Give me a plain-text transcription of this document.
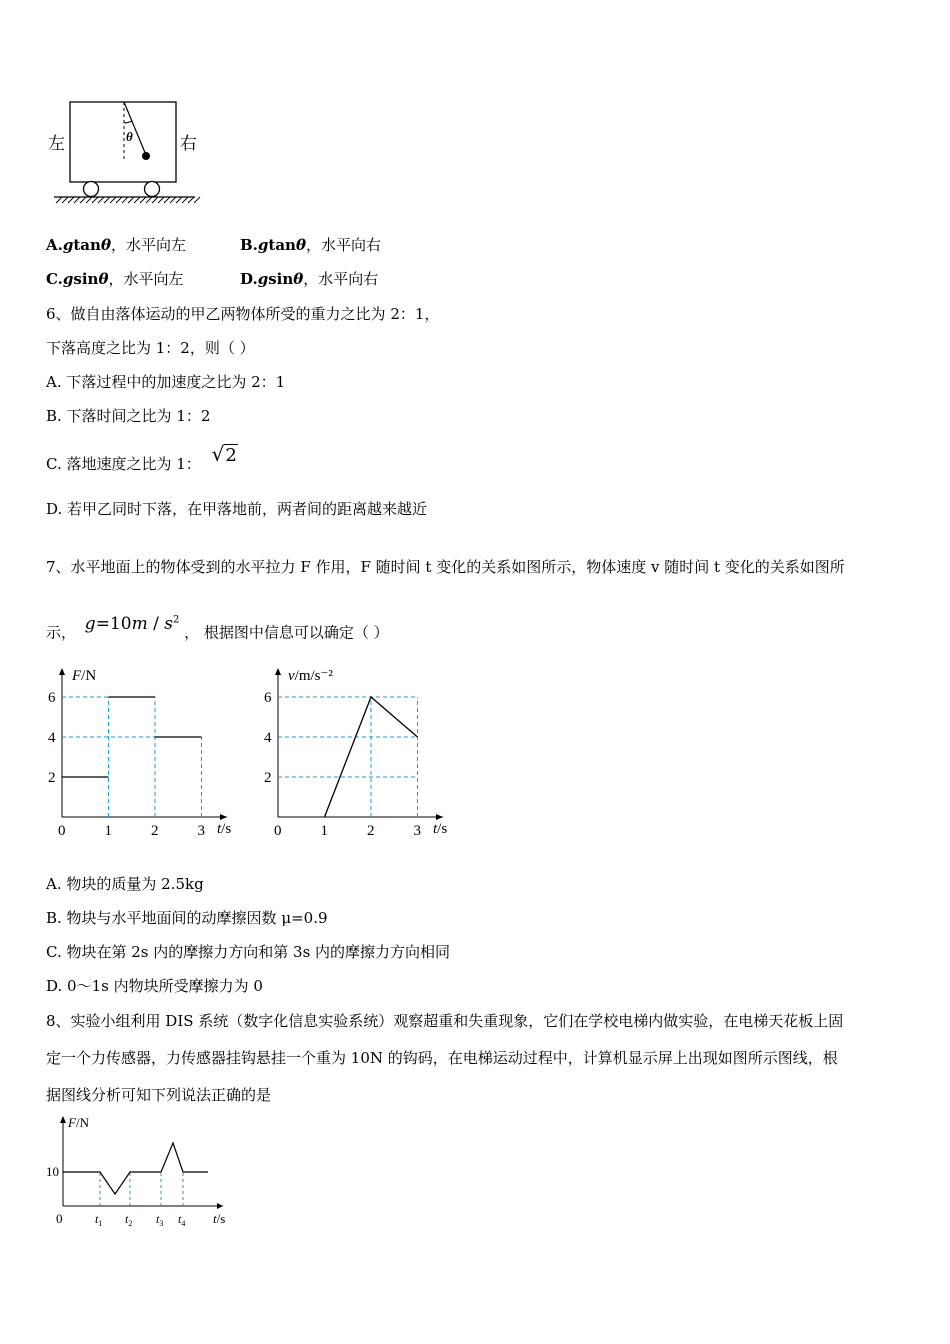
左	右
θ
A.gtanθ，水平向左	B.gtanθ，水平向右
C.gsinθ，水平向左	D.gsinθ，水平向右
6、做自由落体运动的甲乙两物体所受的重力之比为 2：1，
下落高度之比为 1：2，则（ ）
A. 下落过程中的加速度之比为 2：1
B. 下落时间之比为 1：2
C. 落地速度之比为 1： √2
D. 若甲乙同时下落，在甲落地前，两者间的距离越来越近
7、水平地面上的物体受到的水平拉力 F 作用，F 随时间 t 变化的关系如图所示，物体速度 v 随时间 t 变化的关系如图所
示， $g=10m / s^2$ ， 根据图中信息可以确定（ ）
0	1	2	3
2
4
6
t/s
F/N
0	1	2	3
2
4
6
t/s
v/m/s⁻²
A. 物块的质量为 2.5kg
B. 物块与水平地面间的动摩擦因数 μ=0.9
C. 物块在第 2s 内的摩擦力方向和第 3s 内的摩擦力方向相同
D. 0～1s 内物块所受摩擦力为 0
8、实验小组利用 DIS 系统（数字化信息实验系统）观察超重和失重现象，它们在学校电梯内做实验，在电梯天花板上固
定一个力传感器，力传感器挂钩悬挂一个重为 10N 的钩码，在电梯运动过程中，计算机显示屏上出现如图所示图线，根
据图线分析可知下列说法正确的是
F/N
10
0	$t_1$ $t_2$ $t_3$ $t_4$ t/s
